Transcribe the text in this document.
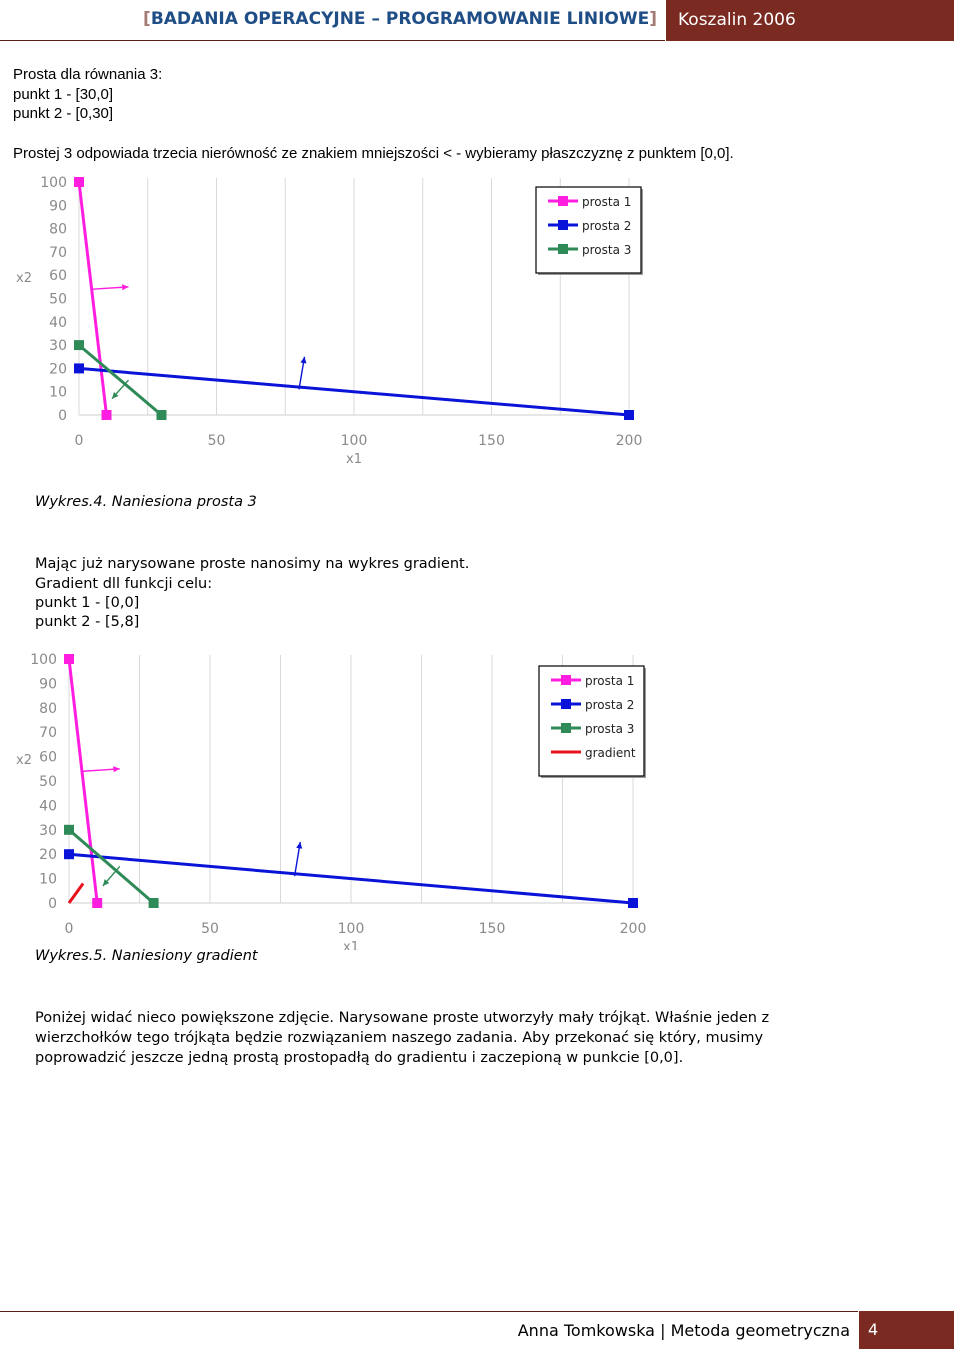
[BADANIA OPERACYJNE – PROGRAMOWANIE LINIOWE] Koszalin 2006
Prosta dla równania 3:
punkt 1 - [30,0]
punkt 2 - [0,30]
Prostej 3 odpowiada trzecia nierówność ze znakiem mniejszości < - wybieramy płaszczyznę z punktem [0,0].
0
10
20
30
40
50
60
70
80
90
100
0	50	100	150	200
x1
x2
prosta 1
prosta 2
prosta 3
Wykres.4. Naniesiona prosta 3
Mając już narysowane proste nanosimy na wykres gradient.
Gradient dll funkcji celu:
punkt 1 - [0,0]
punkt 2 - [5,8]
0
10
20
30
40
50
60
70
80
90
100
0	50	100	150	200
x1
x2
prosta 1
prosta 2
prosta 3
gradient
Wykres.5. Naniesiony gradient
Poniżej widać nieco powiększone zdjęcie. Narysowane proste utworzyły mały trójkąt. Właśnie jeden z
wierzchołków tego trójkąta będzie rozwiązaniem naszego zadania. Aby przekonać się który, musimy
poprowadzić jeszcze jedną prostą prostopadłą do gradientu i zaczepioną w punkcie [0,0].
Anna Tomkowska | Metoda geometryczna 4
